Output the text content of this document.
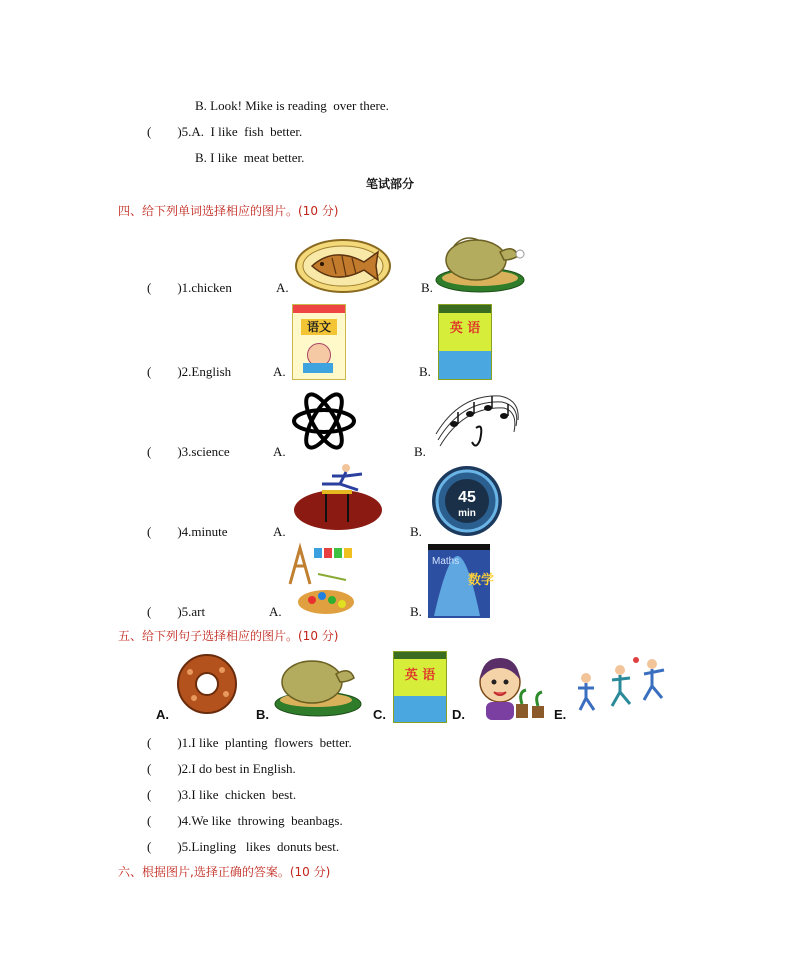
B. Look! Mike is reading  over there.
(        )5.A.  I like  fish  better.
B. I like  meat better.
笔试部分
四、给下列单词选择相应的图片。(10 分)
(        )1.chicken	A.	B.
(        )2.English	A.	B.
语文	英 语
(        )3.science	A.	B.
(        )4.minute	A.	B.
45
min
(        )5.art	A.	B.
Maths
数学
五、给下列句子选择相应的图片。(10 分)
A.	B.
英 语
C.	D.	E.
(        )1.I like  planting  flowers  better.
(        )2.I do best in English.
(        )3.I like  chicken  best.
(        )4.We like  throwing  beanbags.
(        )5.Lingling   likes  donuts best.
六、根据图片,选择正确的答案。(10 分)
